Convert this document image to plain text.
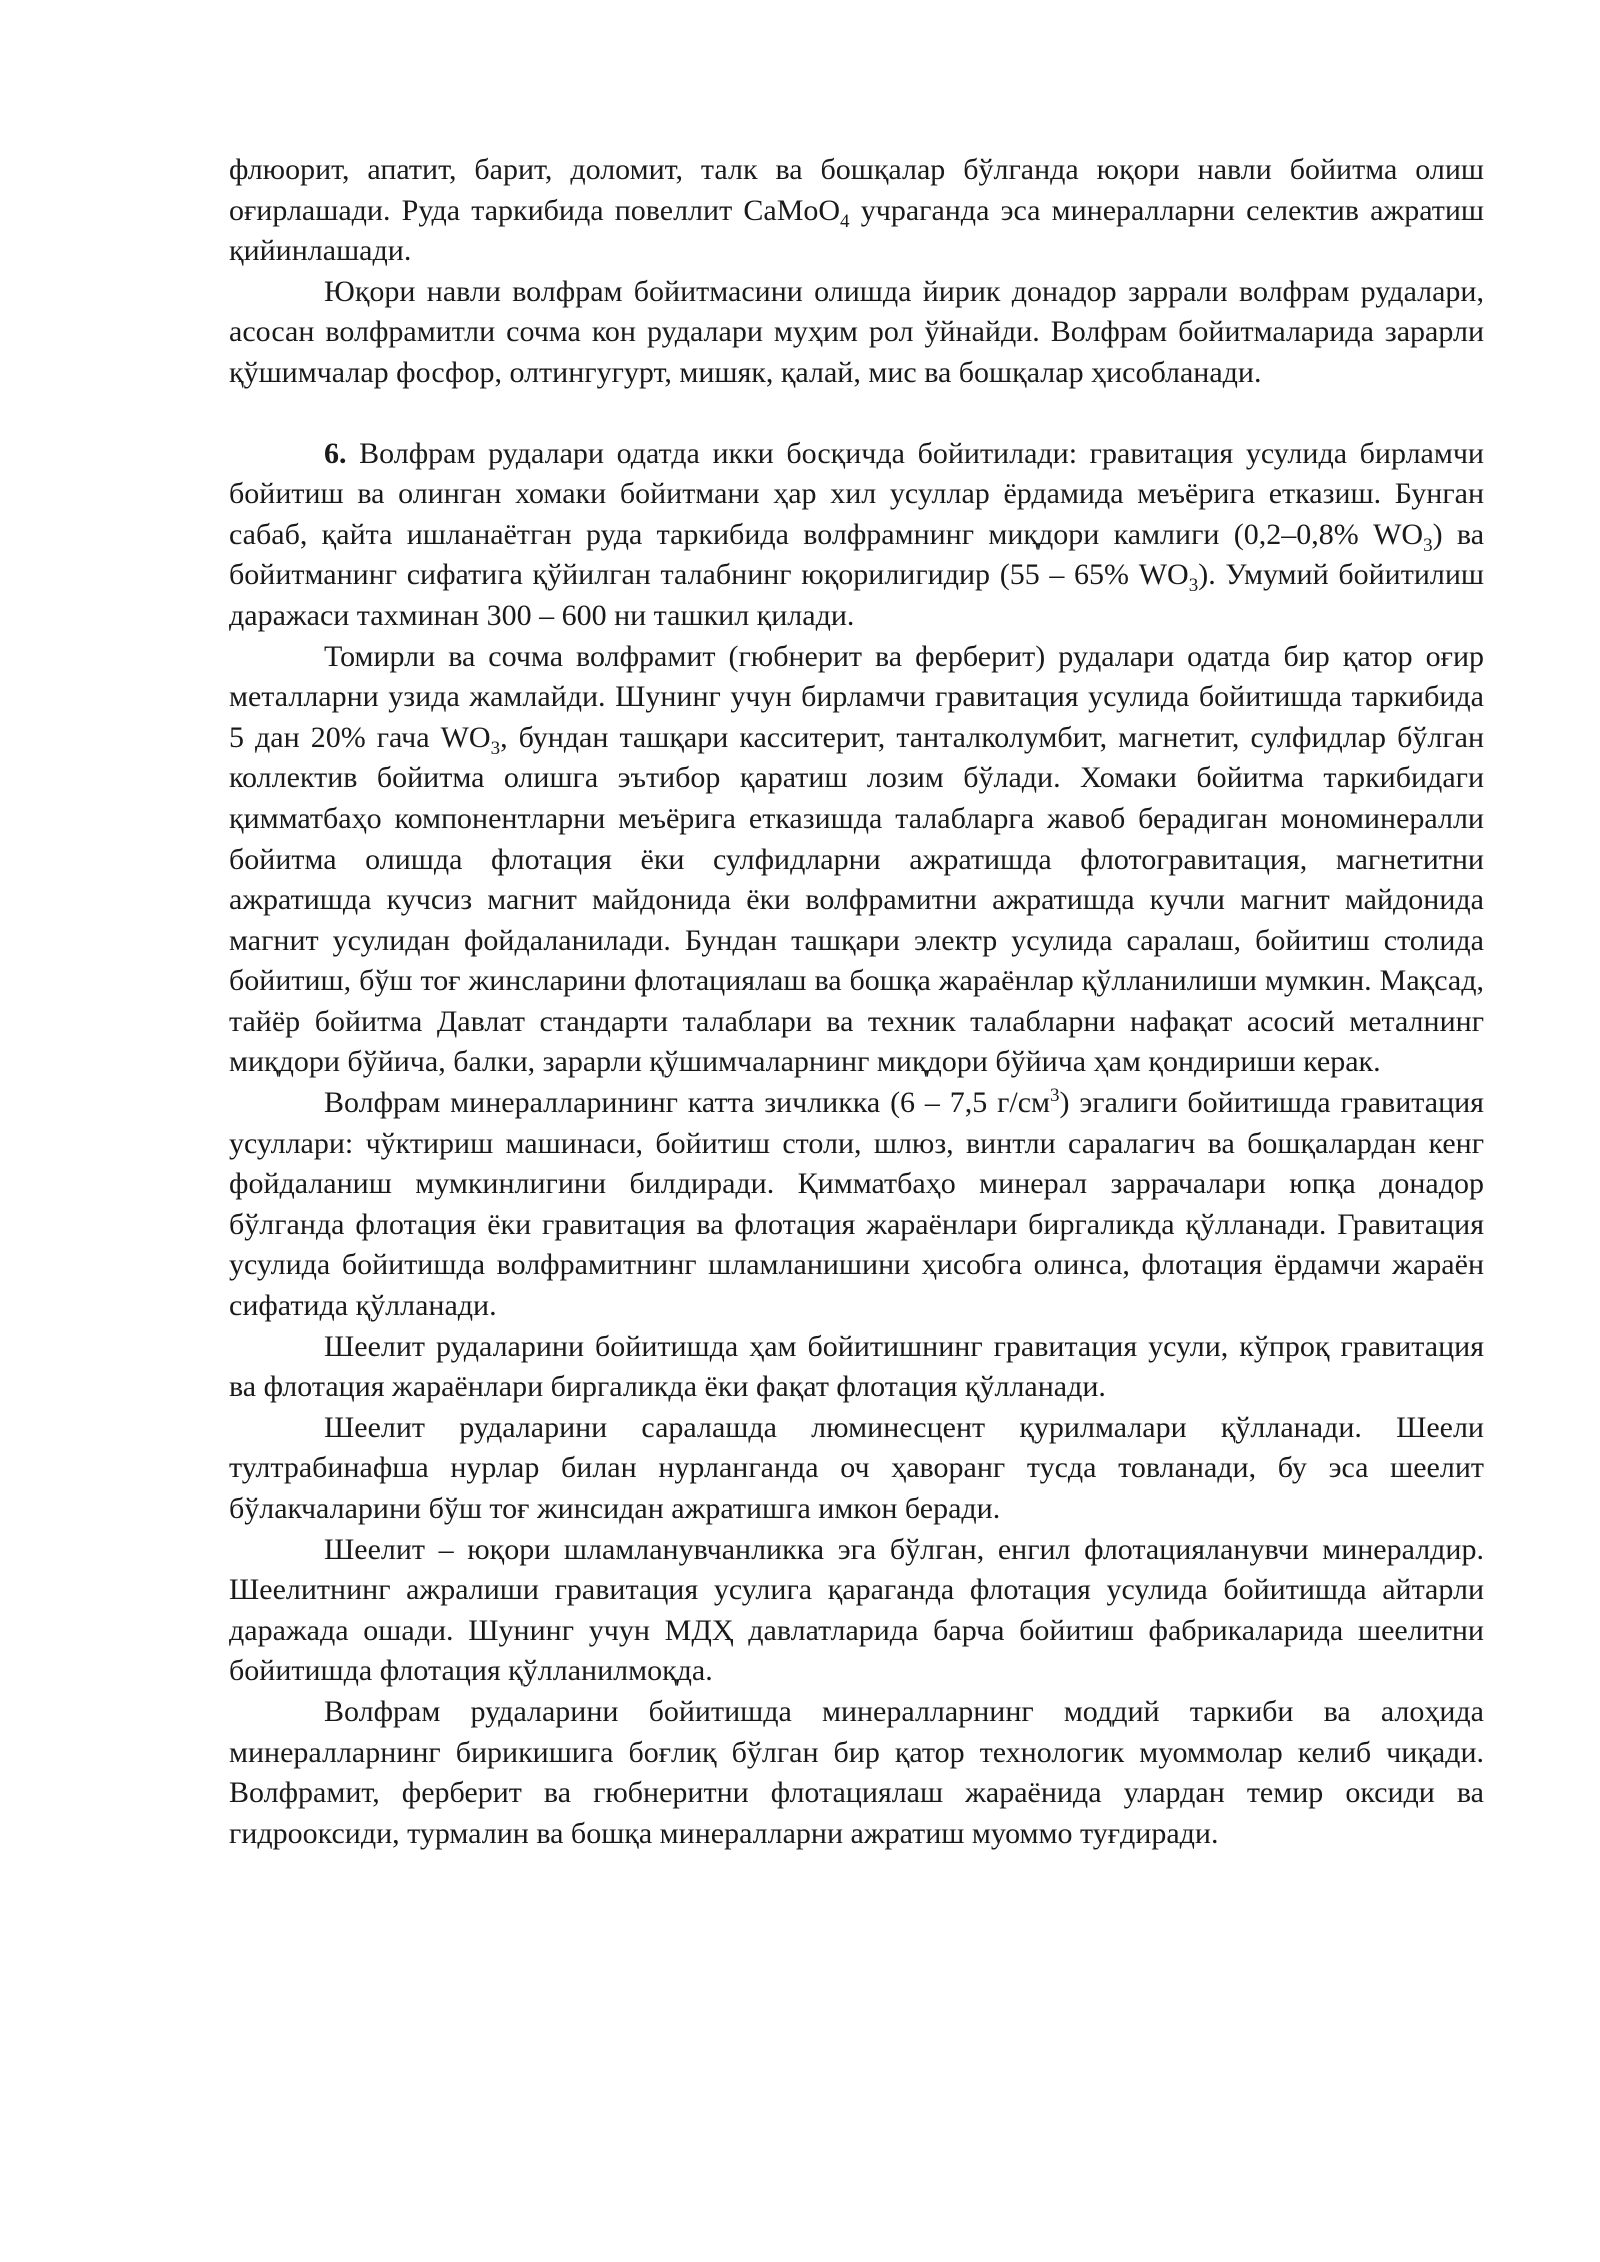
флюорит, апатит, барит, доломит, талк ва бошқалар бўлганда юқори навли бойитма олиш оғирлашади. Руда таркибида повеллит CaMoO$_4$ учраганда эса минералларни селектив ажратиш қийинлашади.

Юқори навли волфрам бойитмасини олишда йирик донадор заррали волфрам рудалари, асосан волфрамитли сочма кон рудалари муҳим рол ўйнайди. Волфрам бойитмаларида зарарли қўшимчалар фосфор, олтингугурт, мишяк, қалай, мис ва бошқалар ҳисобланади.

6. Волфрам рудалари одатда икки босқичда бойитилади: гравитация усулида бирламчи бойитиш ва олинган хомаки бойитмани ҳар хил усуллар ёрдамида меъёрига етказиш. Бунган сабаб, қайта ишланаётган руда таркибида волфрамнинг миқдори камлиги (0,2–0,8% $WO_3$) ва бойитманинг сифатига қўйилган талабнинг юқорилигидир (55 – 65% $WO_3$). Умумий бойитилиш даражаси тахминан 300 – 600 ни ташкил қилади.

Томирли ва сочма волфрамит (гюбнерит ва ферберит) рудалари одатда бир қатор оғир металларни узида жамлайди. Шунинг учун бирламчи гравитация усулида бойитишда таркибида 5 дан 20% гача $WO_3$, бундан ташқари касситерит, танталколумбит, магнетит, сулфидлар бўлган коллектив бойитма олишга эътибор қаратиш лозим бўлади. Хомаки бойитма таркибидаги қимматбаҳо компонентларни меъёрига етказишда талабларга жавоб берадиган мономинералли бойитма олишда флотация ёки сулфидларни ажратишда флотогравитация, магнетитни ажратишда кучсиз магнит майдонида ёки волфрамитни ажратишда кучли магнит майдонида магнит усулидан фойдаланилади. Бундан ташқари электр усулида саралаш, бойитиш столида бойитиш, бўш тоғ жинсларини флотациялаш ва бошқа жараёнлар қўлланилиши мумкин. Мақсад, тайёр бойитма Давлат стандарти талаблари ва техник талабларни нафақат асосий металнинг миқдори бўйича, балки, зарарли қўшимчаларнинг миқдори бўйича ҳам қондириши керак.

Волфрам минералларининг катта зичликка (6 – 7,5 $г/см^3$) эгалиги бойитишда гравитация усуллари: чўктириш машинаси, бойитиш столи, шлюз, винтли саралагич ва бошқалардан кенг фойдаланиш мумкинлигини билдиради. Қимматбаҳо минерал заррачалари юпқа донадор бўлганда флотация ёки гравитация ва флотация жараёнлари биргаликда қўлланади. Гравитация усулида бойитишда волфрамитнинг шламланишини ҳисобга олинса, флотация ёрдамчи жараён сифатида қўлланади.

Шеелит рудаларини бойитишда ҳам бойитишнинг гравитация усули, кўпроқ гравитация ва флотация жараёнлари биргаликда ёки фақат флотация қўлланади.

Шеелит рудаларини саралашда люминесцент қурилмалари қўлланади. Шеели тултрабинафша нурлар билан нурланганда оч ҳаворанг тусда товланади, бу эса шеелит бўлакчаларини бўш тоғ жинсидан ажратишга имкон беради.

Шеелит – юқори шламланувчанликка эга бўлган, енгил флотацияланувчи минералдир. Шеелитнинг ажралиши гравитация усулига қараганда флотация усулида бойитишда айтарли даражада ошади. Шунинг учун МДҲ давлатларида барча бойитиш фабрикаларида шеелитни бойитишда флотация қўлланилмоқда.

Волфрам рудаларини бойитишда минералларнинг моддий таркиби ва алоҳида минералларнинг бирикишига боғлиқ бўлган бир қатор технологик муоммолар келиб чиқади. Волфрамит, ферберит ва гюбнеритни флотациялаш жараёнида улардан темир оксиди ва гидрооксиди, турмалин ва бошқа минералларни ажратиш муоммо туғдиради.
